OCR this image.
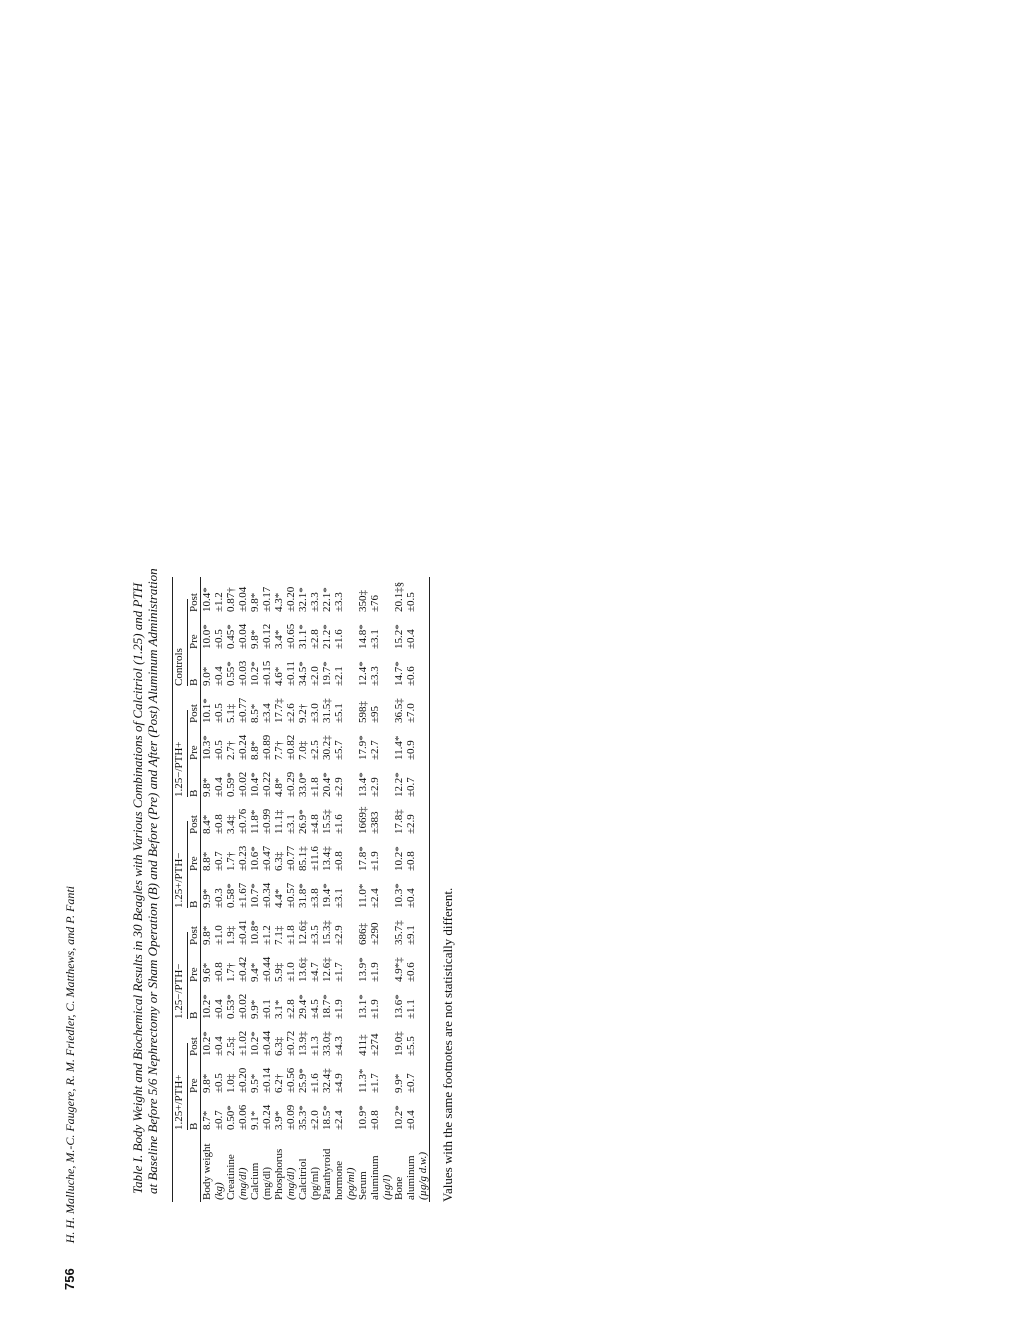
Table I. Body Weight and Biochemical Results in 30 Beagles with Various Combinations of Calcitriol (1.25) and PTH at Baseline Before 5/6 Nephrectomy or Sham Operation (B) and Before (Pre) and After (Post) Aluminum Administration

	1.25+/PTH+			1.25−/PTH−			1.25+/PTH−			1.25−/PTH+			Controls		

	B	Pre	Post	B	Pre	Post	B	Pre	Post	B	Pre	Post	B	Pre	Post
Body weight (kg)	8.7* ±0.7	9.8* ±0.5	10.2* ±0.4	10.2* ±0.4	9.6* ±0.8	9.8* ±1.0	9.9* ±0.3	8.8* ±0.7	8.4* ±0.8	9.8* ±0.4	10.3* ±0.5	10.1* ±0.5	9.0* ±0.4	10.0* ±0.5	10.4* ±1.2

Creatinine (mg/dl)	0.50* ±0.06	1.0‡ ±0.20	2.5‡ ±1.02	0.53* ±0.02	1.7† ±0.42	1.9‡ ±0.41	0.58* ±1.67	1.7† ±0.23	3.4‡ ±0.76	0.59* ±0.02	2.7† ±0.24	5.1‡ ±0.77	0.55* ±0.03	0.45* ±0.04	0.87† ±0.04

Calcium (mg/dl)	9.1* ±0.24	9.5* ±0.14	10.2* ±0.44	9.9* ±0.1	9.4* ±0.44	10.8* ±1.2	10.7* ±0.34	10.6* ±0.47	11.8* ±0.99	10.4* ±0.22	8.8* ±0.89	8.5* ±3.4	10.2* ±0.15	9.8* ±0.12	9.8* ±0.17

Phosphorus (mg/dl)	3.9* ±0.09	6.2† ±0.56	6.3‡ ±0.72	3.1* ±2.8	5.9‡ ±1.0	7.1‡ ±1.8	4.4* ±0.57	6.3‡ ±0.77	11.1‡ ±3.1	4.8* ±0.29	7.7† ±0.82	17.7‡ ±2.6	4.6* ±0.11	3.4* ±0.65	4.3* ±0.20

Calcitriol (pg/ml)	35.3* ±2.0	25.9* ±1.6	13.9‡ ±1.3	29.4* ±4.5	13.6‡ ±4.7	12.6‡ ±3.5	31.8* ±3.8	85.1‡ ±11.6	26.9* ±4.8	33.0* ±1.8	7.0‡ ±2.5	9.2† ±3.0	34.5* ±2.0	31.1* ±2.8	32.1* ±3.3

Parathyroid hormone (pg/ml)	18.5* ±2.4	32.4‡ ±4.9	33.0‡ ±4.3	18.7* ±1.9	12.6‡ ±1.7	15.3‡ ±2.9	19.4* ±3.1	13.4‡ ±0.8	15.5‡ ±1.6	20.4* ±2.9	30.2‡ ±5.7	31.5‡ ±5.1	19.7* ±2.1	21.2* ±1.6	22.1* ±3.3

Serum aluminum (µg/l)	10.9* ±0.8	11.3* ±1.7	411‡ ±274	13.1* ±1.9	13.9* ±1.9	686‡ ±290	11.0* ±2.4	17.8* ±1.9	1669‡ ±383	13.4* ±2.9	17.9* ±2.7	598‡ ±95	12.4* ±3.3	14.8* ±3.1	350‡ ±76

Bone aluminum (µg/g d.w.)	10.2* ±0.4	9.9* ±0.7	19.0‡ ±5.5	13.6* ±1.1	4.9*‡ ±0.6	35.7‡ ±9.1	10.3* ±0.4	10.2* ±0.8	17.8‡ ±2.9	12.2* ±0.7	11.4* ±0.9	36.5‡ ±7.0	14.7* ±0.6	15.2* ±0.4	20.1‡§ ±0.5
Values with the same footnotes are not statistically different.
756 H. H. Malluche, M.-C. Faugere, R. M. Friedler, C. Matthews, and P. Fanti
